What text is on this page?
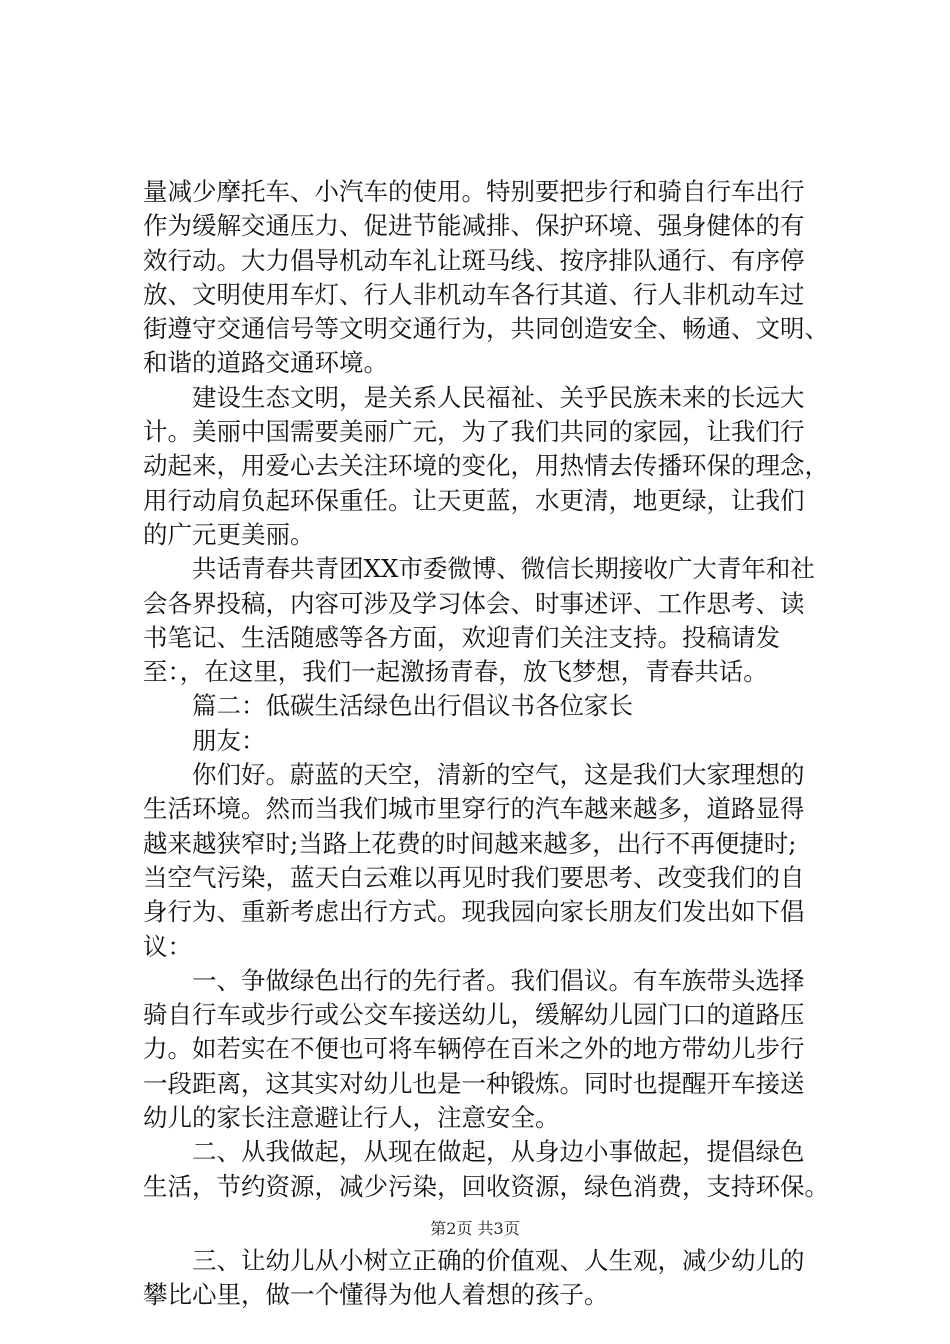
量减少摩托车、小汽车的使用。特别要把步行和骑自行车出行
作为缓解交通压力、促进节能减排、保护环境、强身健体的有
效行动。大力倡导机动车礼让斑马线、按序排队通行、有序停
放、文明使用车灯、行人非机动车各行其道、行人非机动车过
街遵守交通信号等文明交通行为，共同创造安全、畅通、文明、
和谐的道路交通环境。
建设生态文明，是关系人民福祉、关乎民族未来的长远大
计。美丽中国需要美丽广元，为了我们共同的家园，让我们行
动起来，用爱心去关注环境的变化，用热情去传播环保的理念，
用行动肩负起环保重任。让天更蓝，水更清，地更绿，让我们
的广元更美丽。
共话青春共青团XX市委微博、微信长期接收广大青年和社
会各界投稿，内容可涉及学习体会、时事述评、工作思考、读
书笔记、生活随感等各方面，欢迎青们关注支持。投稿请发
至：，在这里，我们一起激扬青春，放飞梦想，青春共话。
篇二：低碳生活绿色出行倡议书各位家长
朋友：
你们好。蔚蓝的天空，清新的空气，这是我们大家理想的
生活环境。然而当我们城市里穿行的汽车越来越多，道路显得
越来越狭窄时;当路上花费的时间越来越多，出行不再便捷时;
当空气污染，蓝天白云难以再见时我们要思考、改变我们的自
身行为、重新考虑出行方式。现我园向家长朋友们发出如下倡
议：
一、争做绿色出行的先行者。我们倡议。有车族带头选择
骑自行车或步行或公交车接送幼儿，缓解幼儿园门口的道路压
力。如若实在不便也可将车辆停在百米之外的地方带幼儿步行
一段距离，这其实对幼儿也是一种锻炼。同时也提醒开车接送
幼儿的家长注意避让行人，注意安全。
二、从我做起，从现在做起，从身边小事做起，提倡绿色
生活，节约资源，减少污染，回收资源，绿色消费，支持环保。
三、让幼儿从小树立正确的价值观、人生观，减少幼儿的
攀比心里，做一个懂得为他人着想的孩子。
第2页 共3页
